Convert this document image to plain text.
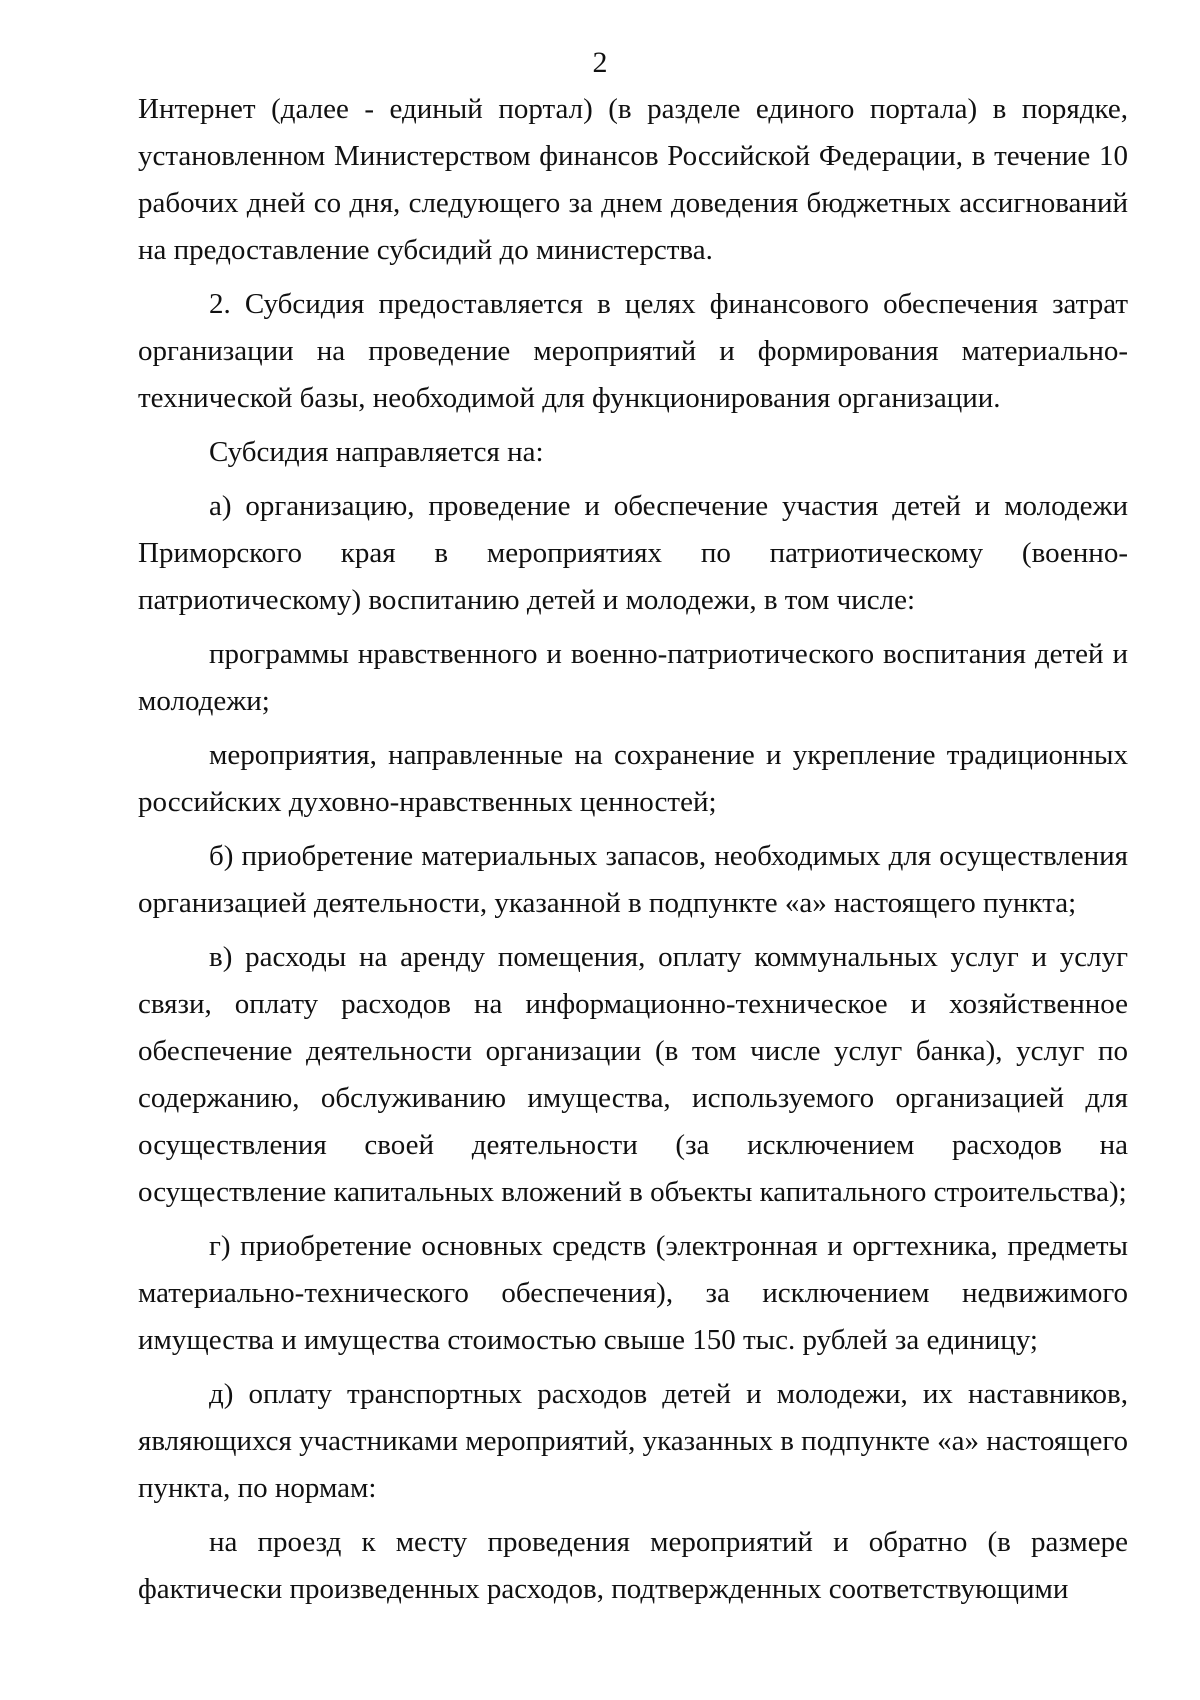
2

Интернет (далее - единый портал) (в разделе единого портала) в порядке, установленном Министерством финансов Российской Федерации, в течение 10 рабочих дней со дня, следующего за днем доведения бюджетных ассигнований на предоставление субсидий до министерства.

2. Субсидия предоставляется в целях финансового обеспечения затрат организации на проведение мероприятий и формирования материально-технической базы, необходимой для функционирования организации.

Субсидия направляется на:

а) организацию, проведение и обеспечение участия детей и молодежи Приморского края в мероприятиях по патриотическому (военно-патриотическому) воспитанию детей и молодежи, в том числе:

программы нравственного и военно-патриотического воспитания детей и молодежи;

мероприятия, направленные на сохранение и укрепление традиционных российских духовно-нравственных ценностей;

б) приобретение материальных запасов, необходимых для осуществления организацией деятельности, указанной в подпункте «а» настоящего пункта;

в) расходы на аренду помещения, оплату коммунальных услуг и услуг связи, оплату расходов на информационно-техническое и хозяйственное обеспечение деятельности организации (в том числе услуг банка), услуг по содержанию, обслуживанию имущества, используемого организацией для осуществления своей деятельности (за исключением расходов на осуществление капитальных вложений в объекты капитального строительства);

г) приобретение основных средств (электронная и оргтехника, предметы материально-технического обеспечения), за исключением недвижимого имущества и имущества стоимостью свыше 150 тыс. рублей за единицу;

д) оплату транспортных расходов детей и молодежи, их наставников, являющихся участниками мероприятий, указанных в подпункте «а» настоящего пункта, по нормам:

на проезд к месту проведения мероприятий и обратно (в размере фактически произведенных расходов, подтвержденных соответствующими
